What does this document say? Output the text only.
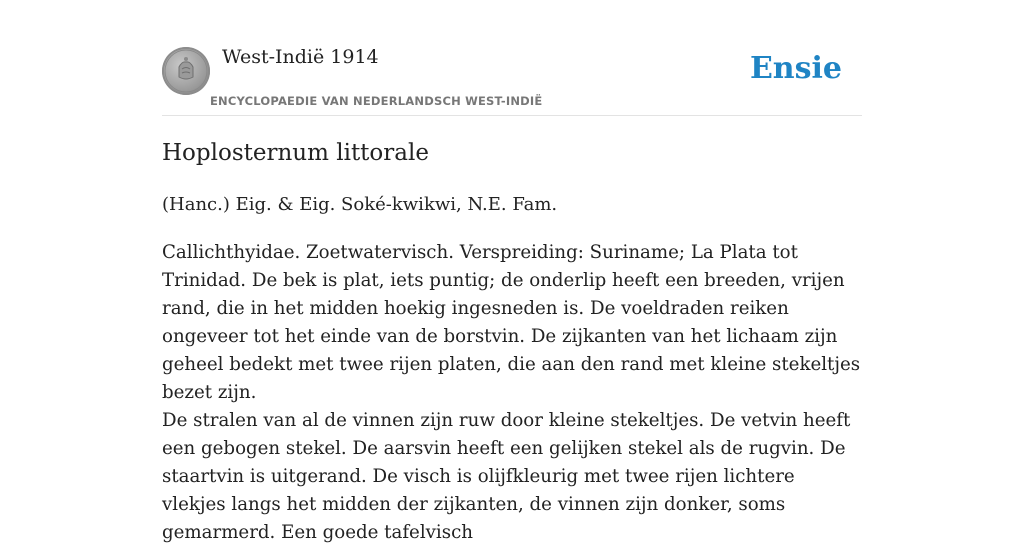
West-Indië 1914
ENCYCLOPAEDIE VAN NEDERLANDSCH WEST-INDIË
Ensie
Hoplosternum littorale
(Hanc.) Eig. & Eig. Soké-kwikwi, N.E. Fam.

Callichthyidae. Zoetwatervisch. Verspreiding: Suriname; La Plata tot Trinidad. De bek is plat, iets puntig; de onderlip heeft een breeden, vrijen rand, die in het midden hoekig ingesneden is. De voeldraden reiken ongeveer tot het einde van de borstvin. De zijkanten van het lichaam zijn geheel bedekt met twee rijen platen, die aan den rand met kleine stekeltjes bezet zijn.

De stralen van al de vinnen zijn ruw door kleine stekeltjes. De vetvin heeft een gebogen stekel. De aarsvin heeft een gelijken stekel als de rugvin. De staartvin is uitgerand. De visch is olijfkleurig met twee rijen lichtere vlekjes langs het midden der zijkanten, de vinnen zijn donker, soms gemarmerd. Een goede tafelvisch
